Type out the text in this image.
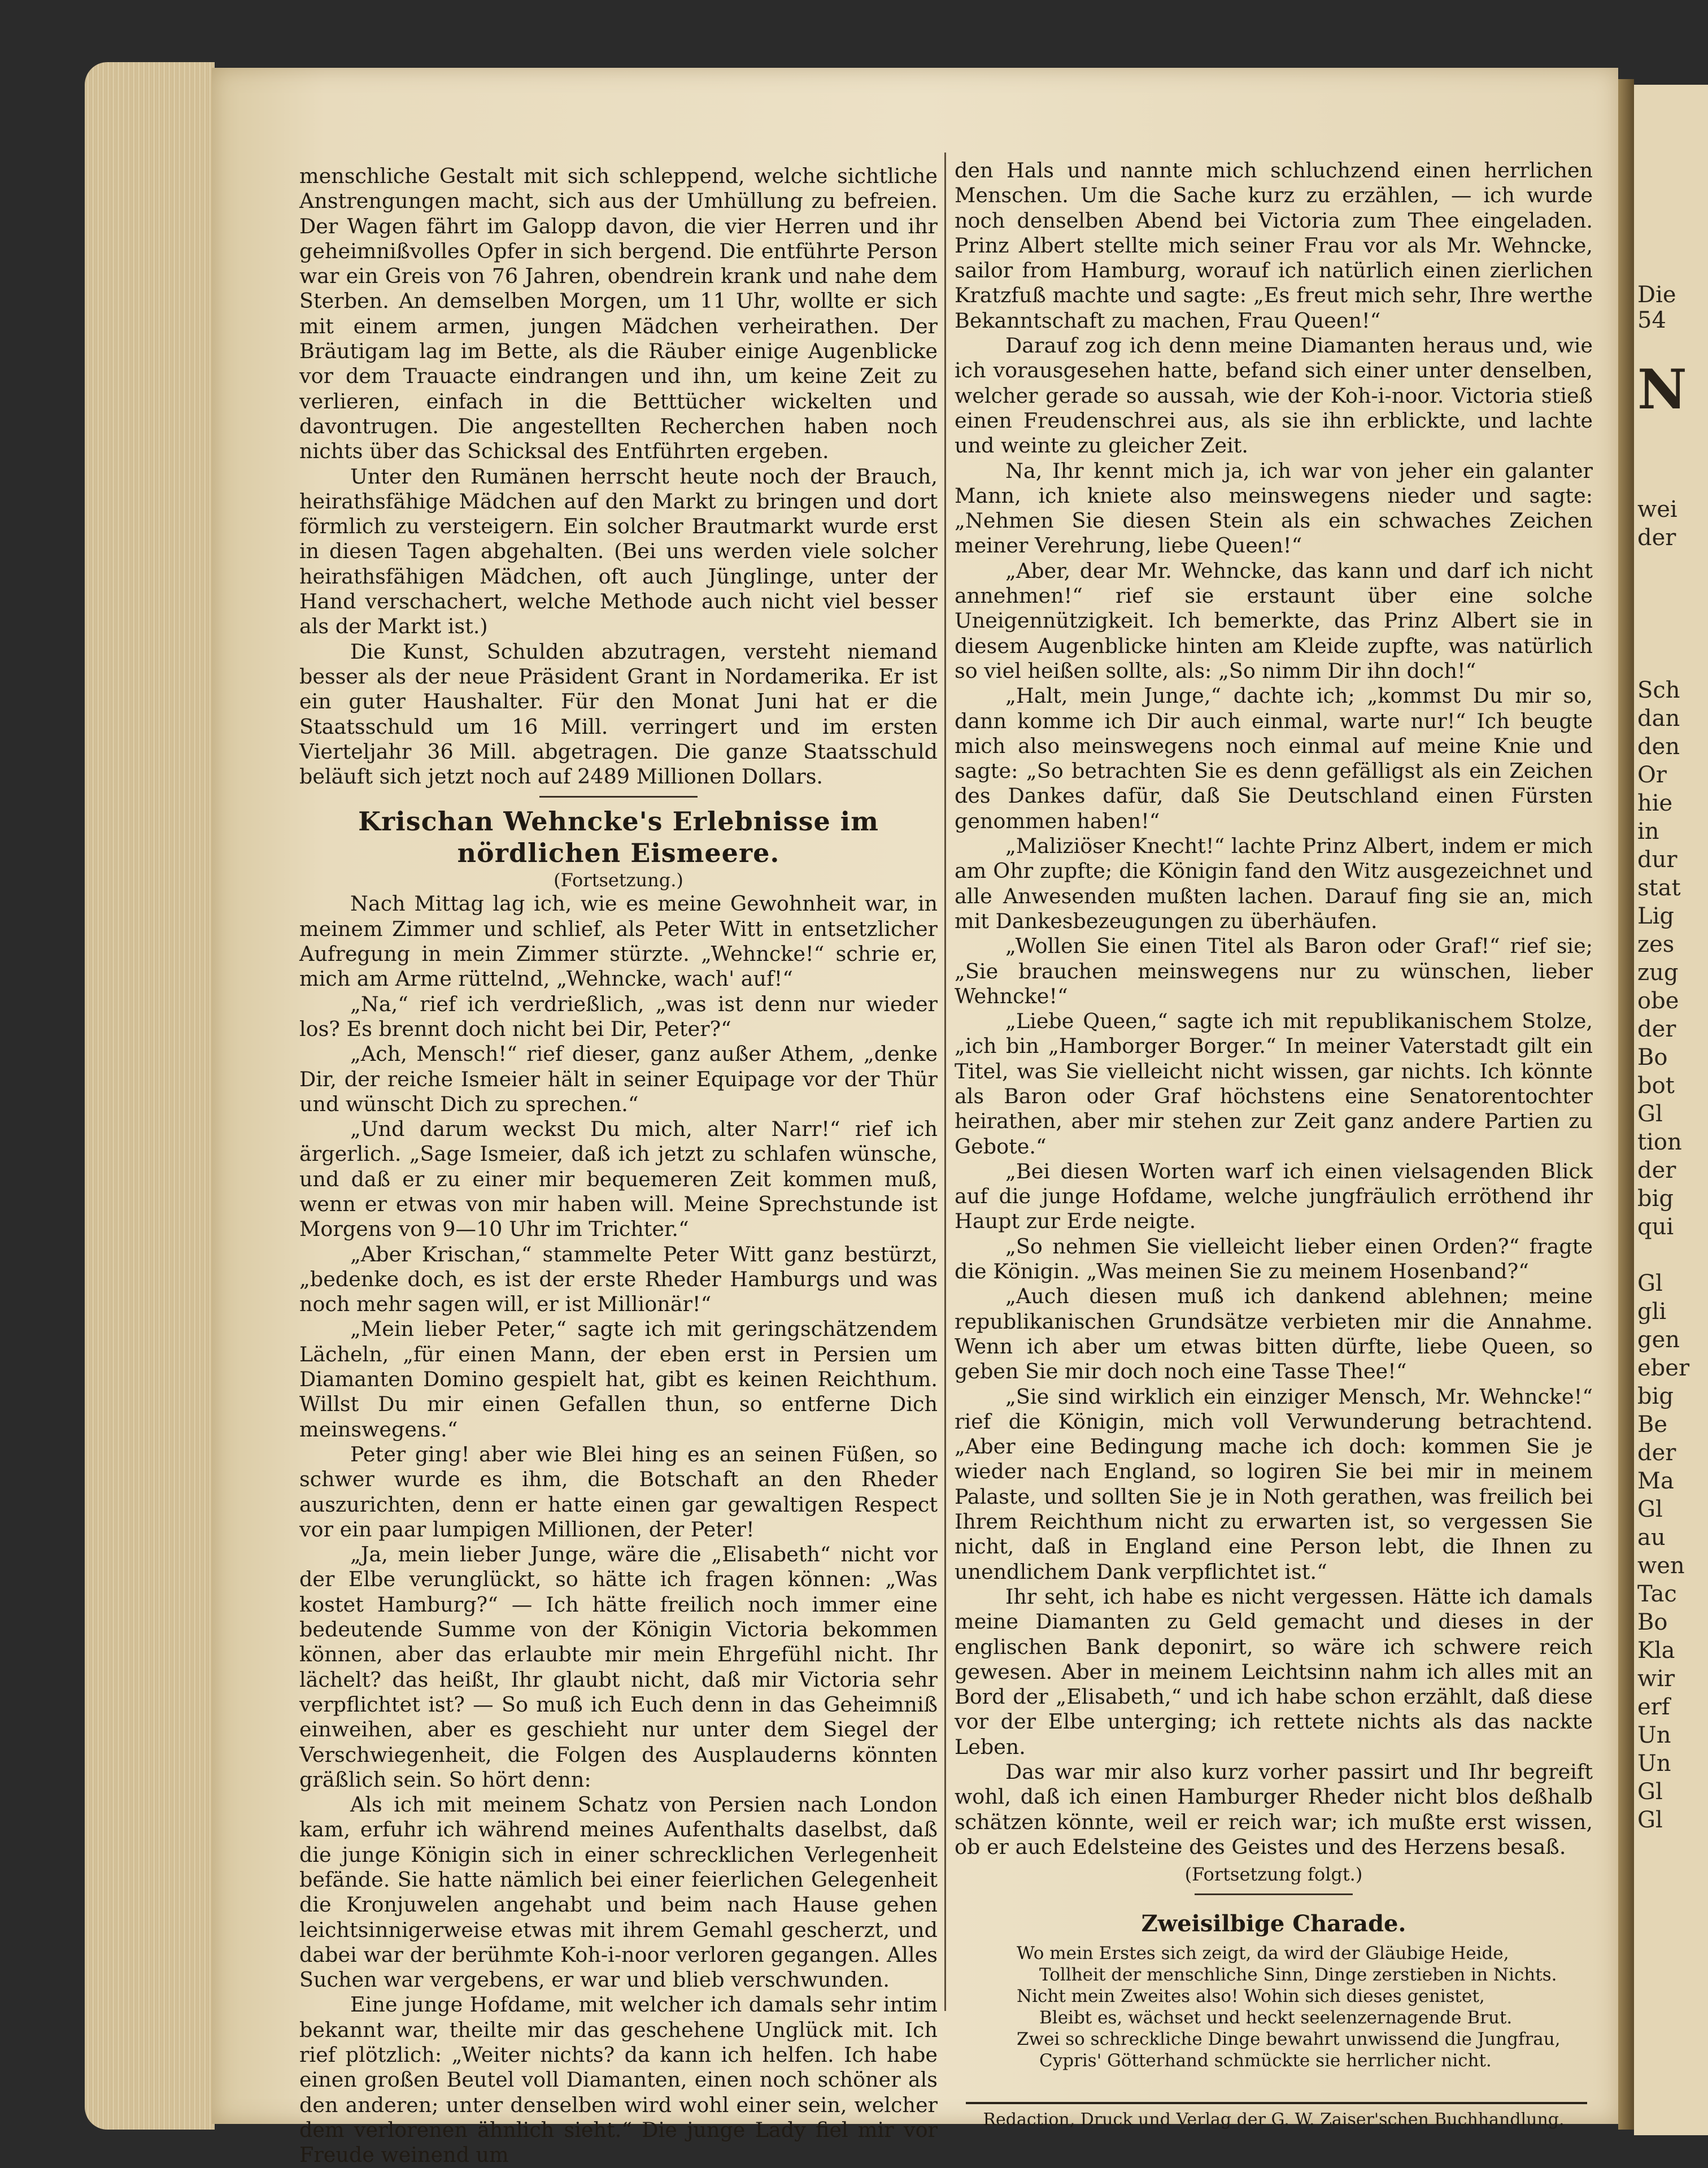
Die
54
N
wei
der
Sch
dan
den
Or
hie
in
dur
stat
Lig
zes
zug
obe
der
Bo
bot
Gl
tion
der
big
qui
Gl
gli
gen
eber
big
Be
der
Ma
Gl
au
wen
Tac
Bo
Kla
wir
erf
Un
Un
Gl
Gl

menschliche Gestalt mit sich schleppend, welche sichtliche Anstrengungen macht, sich aus der Umhüllung zu befreien. Der Wagen fährt im Galopp davon, die vier Herren und ihr geheimnißvolles Opfer in sich bergend. Die entführte Person war ein Greis von 76 Jahren, obendrein krank und nahe dem Sterben. An demselben Morgen, um 11 Uhr, wollte er sich mit einem armen, jungen Mädchen verheirathen. Der Bräutigam lag im Bette, als die Räuber einige Augenblicke vor dem Trauacte eindrangen und ihn, um keine Zeit zu verlieren, einfach in die Betttücher wickelten und davontrugen. Die angestellten Recherchen haben noch nichts über das Schicksal des Entführten ergeben.

Unter den Rumänen herrscht heute noch der Brauch, heirathsfähige Mädchen auf den Markt zu bringen und dort förmlich zu versteigern. Ein solcher Brautmarkt wurde erst in diesen Tagen abgehalten. (Bei uns werden viele solcher heirathsfähigen Mädchen, oft auch Jünglinge, unter der Hand verschachert, welche Methode auch nicht viel besser als der Markt ist.)

Die Kunst, Schulden abzutragen, versteht niemand besser als der neue Präsident Grant in Nordamerika. Er ist ein guter Haushalter. Für den Monat Juni hat er die Staatsschuld um 16 Mill. verringert und im ersten Vierteljahr 36 Mill. abgetragen. Die ganze Staatsschuld beläuft sich jetzt noch auf 2489 Millionen Dollars.

Krischan Wehncke's Erlebnisse im nördlichen Eismeere.
(Fortsetzung.)

Nach Mittag lag ich, wie es meine Gewohnheit war, in meinem Zimmer und schlief, als Peter Witt in entsetzlicher Aufregung in mein Zimmer stürzte. „Wehncke!“ schrie er, mich am Arme rüttelnd, „Wehncke, wach' auf!“

„Na,“ rief ich verdrießlich, „was ist denn nur wieder los? Es brennt doch nicht bei Dir, Peter?“

„Ach, Mensch!“ rief dieser, ganz außer Athem, „denke Dir, der reiche Ismeier hält in seiner Equipage vor der Thür und wünscht Dich zu sprechen.“

„Und darum weckst Du mich, alter Narr!“ rief ich ärgerlich. „Sage Ismeier, daß ich jetzt zu schlafen wünsche, und daß er zu einer mir bequemeren Zeit kommen muß, wenn er etwas von mir haben will. Meine Sprechstunde ist Morgens von 9—10 Uhr im Trichter.“

„Aber Krischan,“ stammelte Peter Witt ganz bestürzt, „bedenke doch, es ist der erste Rheder Hamburgs und was noch mehr sagen will, er ist Millionär!“

„Mein lieber Peter,“ sagte ich mit geringschätzendem Lächeln, „für einen Mann, der eben erst in Persien um Diamanten Domino gespielt hat, gibt es keinen Reichthum. Willst Du mir einen Gefallen thun, so entferne Dich meinswegens.“

Peter ging! aber wie Blei hing es an seinen Füßen, so schwer wurde es ihm, die Botschaft an den Rheder auszurichten, denn er hatte einen gar gewaltigen Respect vor ein paar lumpigen Millionen, der Peter!

„Ja, mein lieber Junge, wäre die „Elisabeth“ nicht vor der Elbe verunglückt, so hätte ich fragen können: „Was kostet Hamburg?“ — Ich hätte freilich noch immer eine bedeutende Summe von der Königin Victoria bekommen können, aber das erlaubte mir mein Ehrgefühl nicht. Ihr lächelt? das heißt, Ihr glaubt nicht, daß mir Victoria sehr verpflichtet ist? — So muß ich Euch denn in das Geheimniß einweihen, aber es geschieht nur unter dem Siegel der Verschwiegenheit, die Folgen des Ausplauderns könnten gräßlich sein. So hört denn:

Als ich mit meinem Schatz von Persien nach London kam, erfuhr ich während meines Aufenthalts daselbst, daß die junge Königin sich in einer schrecklichen Verlegenheit befände. Sie hatte nämlich bei einer feierlichen Gelegenheit die Kronjuwelen angehabt und beim nach Hause gehen leichtsinnigerweise etwas mit ihrem Gemahl gescherzt, und dabei war der berühmte Koh-i-noor verloren gegangen. Alles Suchen war vergebens, er war und blieb verschwunden.

Eine junge Hofdame, mit welcher ich damals sehr intim bekannt war, theilte mir das geschehene Unglück mit. Ich rief plötzlich: „Weiter nichts? da kann ich helfen. Ich habe einen großen Beutel voll Diamanten, einen noch schöner als den anderen; unter denselben wird wohl einer sein, welcher dem verlorenen ähnlich sieht.“ Die junge Lady fiel mir vor Freude weinend um

den Hals und nannte mich schluchzend einen herrlichen Menschen. Um die Sache kurz zu erzählen, — ich wurde noch denselben Abend bei Victoria zum Thee eingeladen. Prinz Albert stellte mich seiner Frau vor als Mr. Wehncke, sailor from Hamburg, worauf ich natürlich einen zierlichen Kratzfuß machte und sagte: „Es freut mich sehr, Ihre werthe Bekanntschaft zu machen, Frau Queen!“

Darauf zog ich denn meine Diamanten heraus und, wie ich vorausgesehen hatte, befand sich einer unter denselben, welcher gerade so aussah, wie der Koh-i-noor. Victoria stieß einen Freudenschrei aus, als sie ihn erblickte, und lachte und weinte zu gleicher Zeit.

Na, Ihr kennt mich ja, ich war von jeher ein galanter Mann, ich kniete also meinswegens nieder und sagte: „Nehmen Sie diesen Stein als ein schwaches Zeichen meiner Verehrung, liebe Queen!“

„Aber, dear Mr. Wehncke, das kann und darf ich nicht annehmen!“ rief sie erstaunt über eine solche Uneigennützigkeit. Ich bemerkte, das Prinz Albert sie in diesem Augenblicke hinten am Kleide zupfte, was natürlich so viel heißen sollte, als: „So nimm Dir ihn doch!“

„Halt, mein Junge,“ dachte ich; „kommst Du mir so, dann komme ich Dir auch einmal, warte nur!“ Ich beugte mich also meinswegens noch einmal auf meine Knie und sagte: „So betrachten Sie es denn gefälligst als ein Zeichen des Dankes dafür, daß Sie Deutschland einen Fürsten genommen haben!“

„Maliziöser Knecht!“ lachte Prinz Albert, indem er mich am Ohr zupfte; die Königin fand den Witz ausgezeichnet und alle Anwesenden mußten lachen. Darauf fing sie an, mich mit Dankesbezeugungen zu überhäufen.

„Wollen Sie einen Titel als Baron oder Graf!“ rief sie; „Sie brauchen meinswegens nur zu wünschen, lieber Wehncke!“

„Liebe Queen,“ sagte ich mit republikanischem Stolze, „ich bin „Hamborger Borger.“ In meiner Vaterstadt gilt ein Titel, was Sie vielleicht nicht wissen, gar nichts. Ich könnte als Baron oder Graf höchstens eine Senatorentochter heirathen, aber mir stehen zur Zeit ganz andere Partien zu Gebote.“

„Bei diesen Worten warf ich einen vielsagenden Blick auf die junge Hofdame, welche jungfräulich erröthend ihr Haupt zur Erde neigte.

„So nehmen Sie vielleicht lieber einen Orden?“ fragte die Königin. „Was meinen Sie zu meinem Hosenband?“

„Auch diesen muß ich dankend ablehnen; meine republikanischen Grundsätze verbieten mir die Annahme. Wenn ich aber um etwas bitten dürfte, liebe Queen, so geben Sie mir doch noch eine Tasse Thee!“

„Sie sind wirklich ein einziger Mensch, Mr. Wehncke!“ rief die Königin, mich voll Verwunderung betrachtend. „Aber eine Bedingung mache ich doch: kommen Sie je wieder nach England, so logiren Sie bei mir in meinem Palaste, und sollten Sie je in Noth gerathen, was freilich bei Ihrem Reichthum nicht zu erwarten ist, so vergessen Sie nicht, daß in England eine Person lebt, die Ihnen zu unendlichem Dank verpflichtet ist.“

Ihr seht, ich habe es nicht vergessen. Hätte ich damals meine Diamanten zu Geld gemacht und dieses in der englischen Bank deponirt, so wäre ich schwere reich gewesen. Aber in meinem Leichtsinn nahm ich alles mit an Bord der „Elisabeth,“ und ich habe schon erzählt, daß diese vor der Elbe unterging; ich rettete nichts als das nackte Leben.

Das war mir also kurz vorher passirt und Ihr begreift wohl, daß ich einen Hamburger Rheder nicht blos deßhalb schätzen könnte, weil er reich war; ich mußte erst wissen, ob er auch Edelsteine des Geistes und des Herzens besaß.

(Fortsetzung folgt.)
Zweisilbige Charade.
Wo mein Erstes sich zeigt, da wird der Gläubige Heide,
Tollheit der menschliche Sinn, Dinge zerstieben in Nichts.
Nicht mein Zweites also! Wohin sich dieses genistet,
Bleibt es, wächset und heckt seelenzernagende Brut.
Zwei so schreckliche Dinge bewahrt unwissend die Jungfrau,
Cypris' Götterhand schmückte sie herrlicher nicht.
Redaction, Druck und Verlag der G. W. Zaiser'schen Buchhandlung.
